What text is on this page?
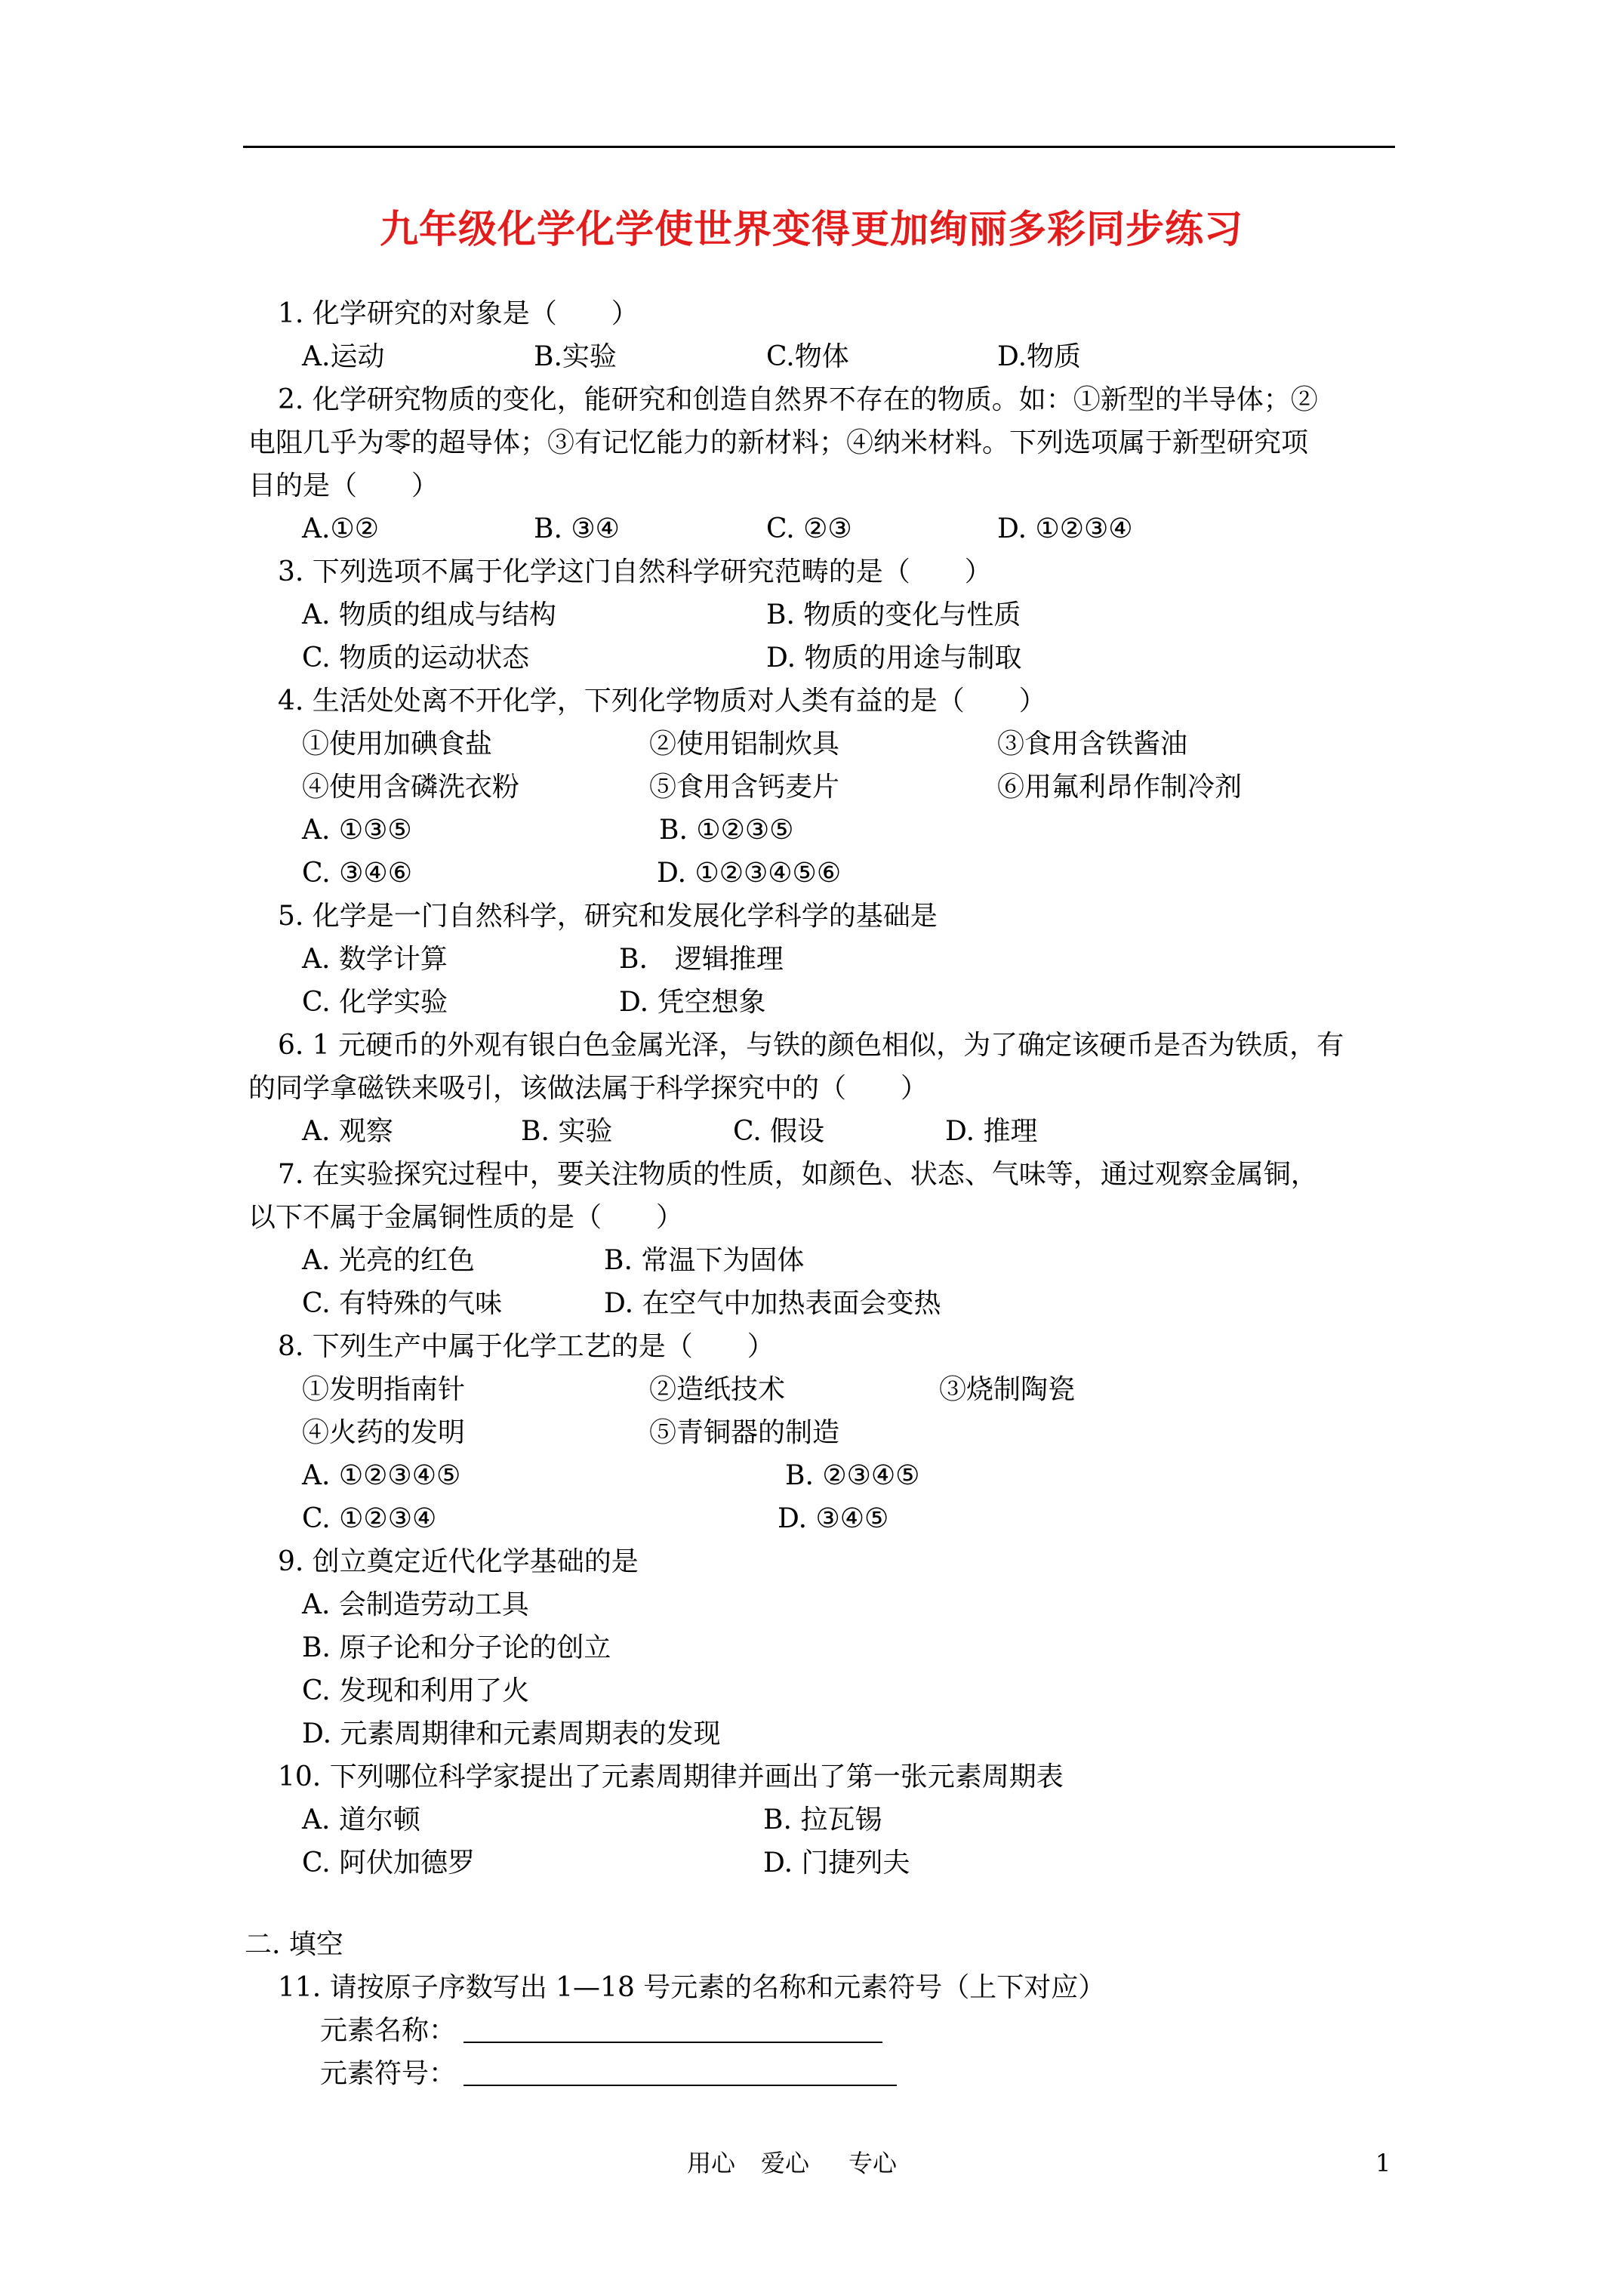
九年级化学化学使世界变得更加绚丽多彩同步练习
1. 化学研究的对象是（　　）
A.运动	B.实验	C.物体	D.物质
2. 化学研究物质的变化，能研究和创造自然界不存在的物质。如：①新型的半导体；②
电阻几乎为零的超导体；③有记忆能力的新材料；④纳米材料。下列选项属于新型研究项
目的是（　　）
A.①②	B. ③④	C. ②③	D. ①②③④
3. 下列选项不属于化学这门自然科学研究范畴的是（　　）
A. 物质的组成与结构	B. 物质的变化与性质
C. 物质的运动状态	D. 物质的用途与制取
4. 生活处处离不开化学，下列化学物质对人类有益的是（　　）
①使用加碘食盐	②使用铝制炊具	③食用含铁酱油
④使用含磷洗衣粉	⑤食用含钙麦片	⑥用氟利昂作制冷剂
A. ①③⑤	B. ①②③⑤
C. ③④⑥	D. ①②③④⑤⑥
5. 化学是一门自然科学，研究和发展化学科学的基础是
A. 数学计算	B.　逻辑推理
C. 化学实验	D. 凭空想象
6. 1 元硬币的外观有银白色金属光泽，与铁的颜色相似，为了确定该硬币是否为铁质，有
的同学拿磁铁来吸引，该做法属于科学探究中的（　　）
A. 观察	B. 实验	C. 假设	D. 推理
7. 在实验探究过程中，要关注物质的性质，如颜色、状态、气味等，通过观察金属铜，
以下不属于金属铜性质的是（　　）
A. 光亮的红色	B. 常温下为固体
C. 有特殊的气味	D. 在空气中加热表面会变热
8. 下列生产中属于化学工艺的是（　　）
①发明指南针	②造纸技术	③烧制陶瓷
④火药的发明	⑤青铜器的制造
A. ①②③④⑤	B. ②③④⑤
C. ①②③④	D. ③④⑤
9. 创立奠定近代化学基础的是
A. 会制造劳动工具
B. 原子论和分子论的创立
C. 发现和利用了火
D. 元素周期律和元素周期表的发现
10. 下列哪位科学家提出了元素周期律并画出了第一张元素周期表
A. 道尔顿	B. 拉瓦锡
C. 阿伏加德罗	D. 门捷列夫
二. 填空
11. 请按原子序数写出 1—18 号元素的名称和元素符号（上下对应）
元素名称：
元素符号：
用心 爱心 专心	1
